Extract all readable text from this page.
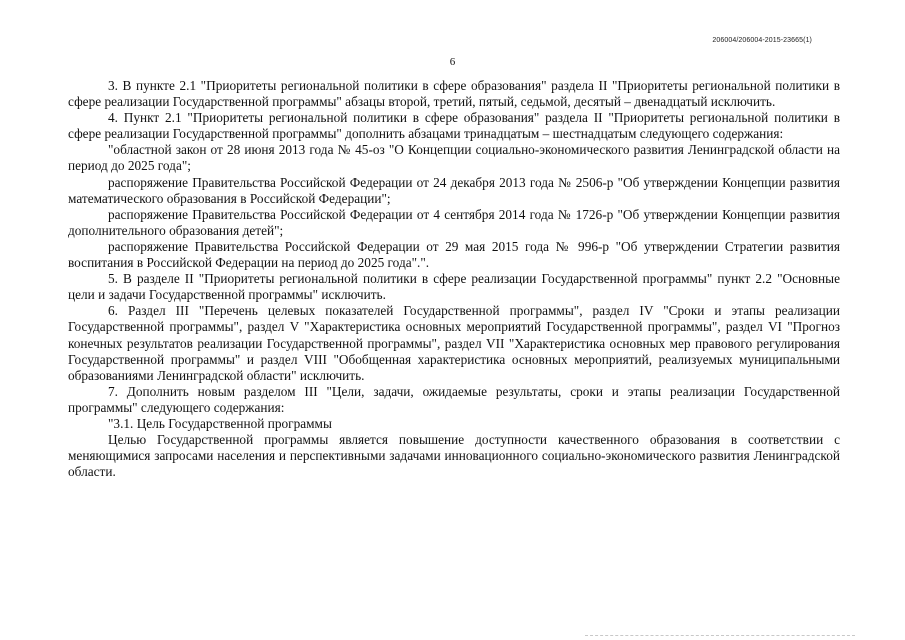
206004/206004-2015-23665(1)
6

3. В пункте 2.1 "Приоритеты региональной политики в сфере образования" раздела II "Приоритеты региональной политики в сфере реализации Государственной программы" абзацы второй, третий, пятый, седьмой, десятый – двенадцатый исключить.

4. Пункт 2.1 "Приоритеты региональной политики в сфере образования" раздела II "Приоритеты региональной политики в сфере реализации Государственной программы" дополнить абзацами тринадцатым – шестнадцатым следующего содержания:

"областной закон от 28 июня 2013 года № 45-оз "О Концепции социально-экономического развития Ленинградской области на период до 2025 года";

распоряжение Правительства Российской Федерации от 24 декабря 2013 года № 2506-р "Об утверждении Концепции развития математического образования в Российской Федерации";

распоряжение Правительства Российской Федерации от 4 сентября 2014 года № 1726-р "Об утверждении Концепции развития дополнительного образования детей";

распоряжение Правительства Российской Федерации от 29 мая 2015 года № 996-р "Об утверждении Стратегии развития воспитания в Российской Федерации на период до 2025 года".".

5. В разделе II "Приоритеты региональной политики в сфере реализации Государственной программы" пункт 2.2 "Основные цели и задачи Государственной программы" исключить.

6. Раздел III "Перечень целевых показателей Государственной программы", раздел IV "Сроки и этапы реализации Государственной программы", раздел V "Характеристика основных мероприятий Государственной программы", раздел VI "Прогноз конечных результатов реализации Государственной программы", раздел VII "Характеристика основных мер правового регулирования Государственной программы" и раздел VIII "Обобщенная характеристика основных мероприятий, реализуемых муниципальными образованиями Ленинградской области" исключить.

7. Дополнить новым разделом III "Цели, задачи, ожидаемые результаты, сроки и этапы реализации Государственной программы" следующего содержания:

"3.1. Цель Государственной программы

Целью Государственной программы является повышение доступности качественного образования в соответствии с меняющимися запросами населения и перспективными задачами инновационного социально-экономического развития Ленинградской области.
